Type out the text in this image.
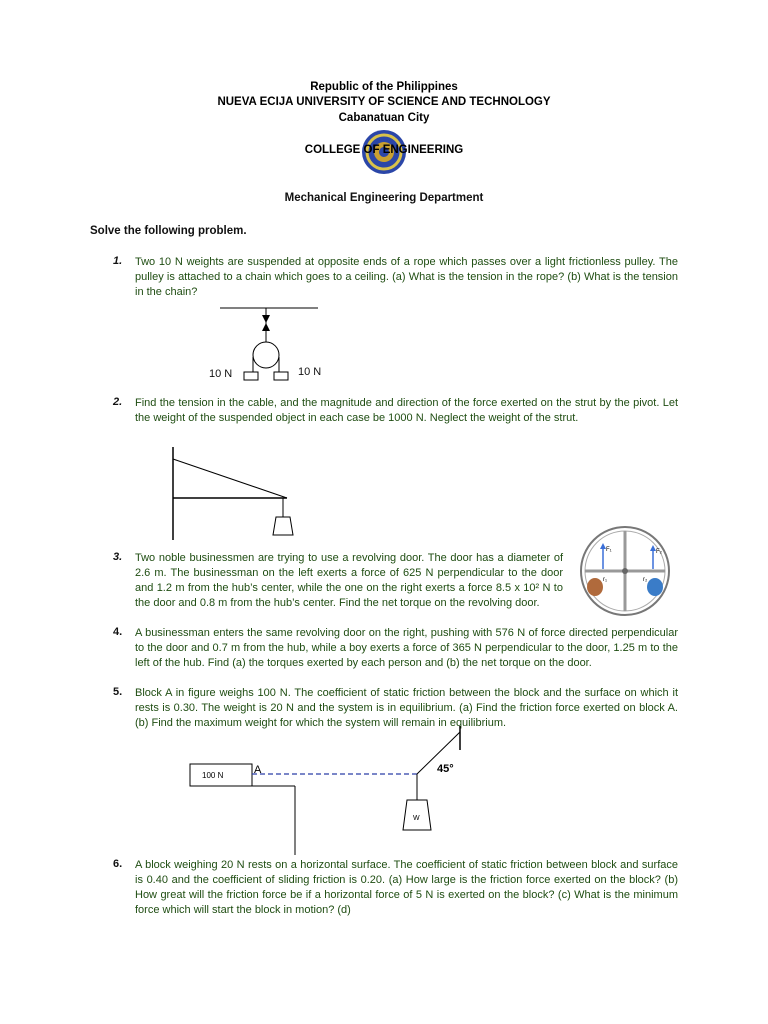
Republic of the Philippines
NUEVA ECIJA UNIVERSITY OF SCIENCE AND TECHNOLOGY
Cabanatuan City
COLLEGE OF ENGINEERING
Mechanical Engineering Department
Solve the following problem.
1. Two 10 N weights are suspended at opposite ends of a rope which passes over a light frictionless pulley. The pulley is attached to a chain which goes to a ceiling. (a) What is the tension in the rope? (b) What is the tension in the chain?
10 N	10 N
2. Find the tension in the cable, and the magnitude and direction of the force exerted on the strut by the pivot. Let the weight of the suspended object in each case be 1000 N. Neglect the weight of the strut.
3. Two noble businessmen are trying to use a revolving door. The door has a diameter of 2.6 m. The businessman on the left exerts a force of 625 N perpendicular to the door and 1.2 m from the hub’s center, while the one on the right exerts a force 8.5 x 10² N to the door and 0.8 m from the hub’s center. Find the net torque on the revolving door.
F₁	F₂
r₁	r₂
4. A businessman enters the same revolving door on the right, pushing with 576 N of force directed perpendicular to the door and 0.7 m from the hub, while a boy exerts a force of 365 N perpendicular to the door, 1.25 m to the left of the hub. Find (a) the torques exerted by each person and (b) the net torque on the door.
5. Block A in figure weighs 100 N. The coefficient of static friction between the block and the surface on which it rests is 0.30. The weight is 20 N and the system is in equilibrium. (a) Find the friction force exerted on block A. (b) Find the maximum weight for which the system will remain in equilibrium.
100 N	A	45°
W
6. A block weighing 20 N rests on a horizontal surface. The coefficient of static friction between block and surface is 0.40 and the coefficient of sliding friction is 0.20. (a) How large is the friction force exerted on the block? (b) How great will the friction force be if a horizontal force of 5 N is exerted on the block? (c) What is the minimum force which will start the block in motion? (d)
